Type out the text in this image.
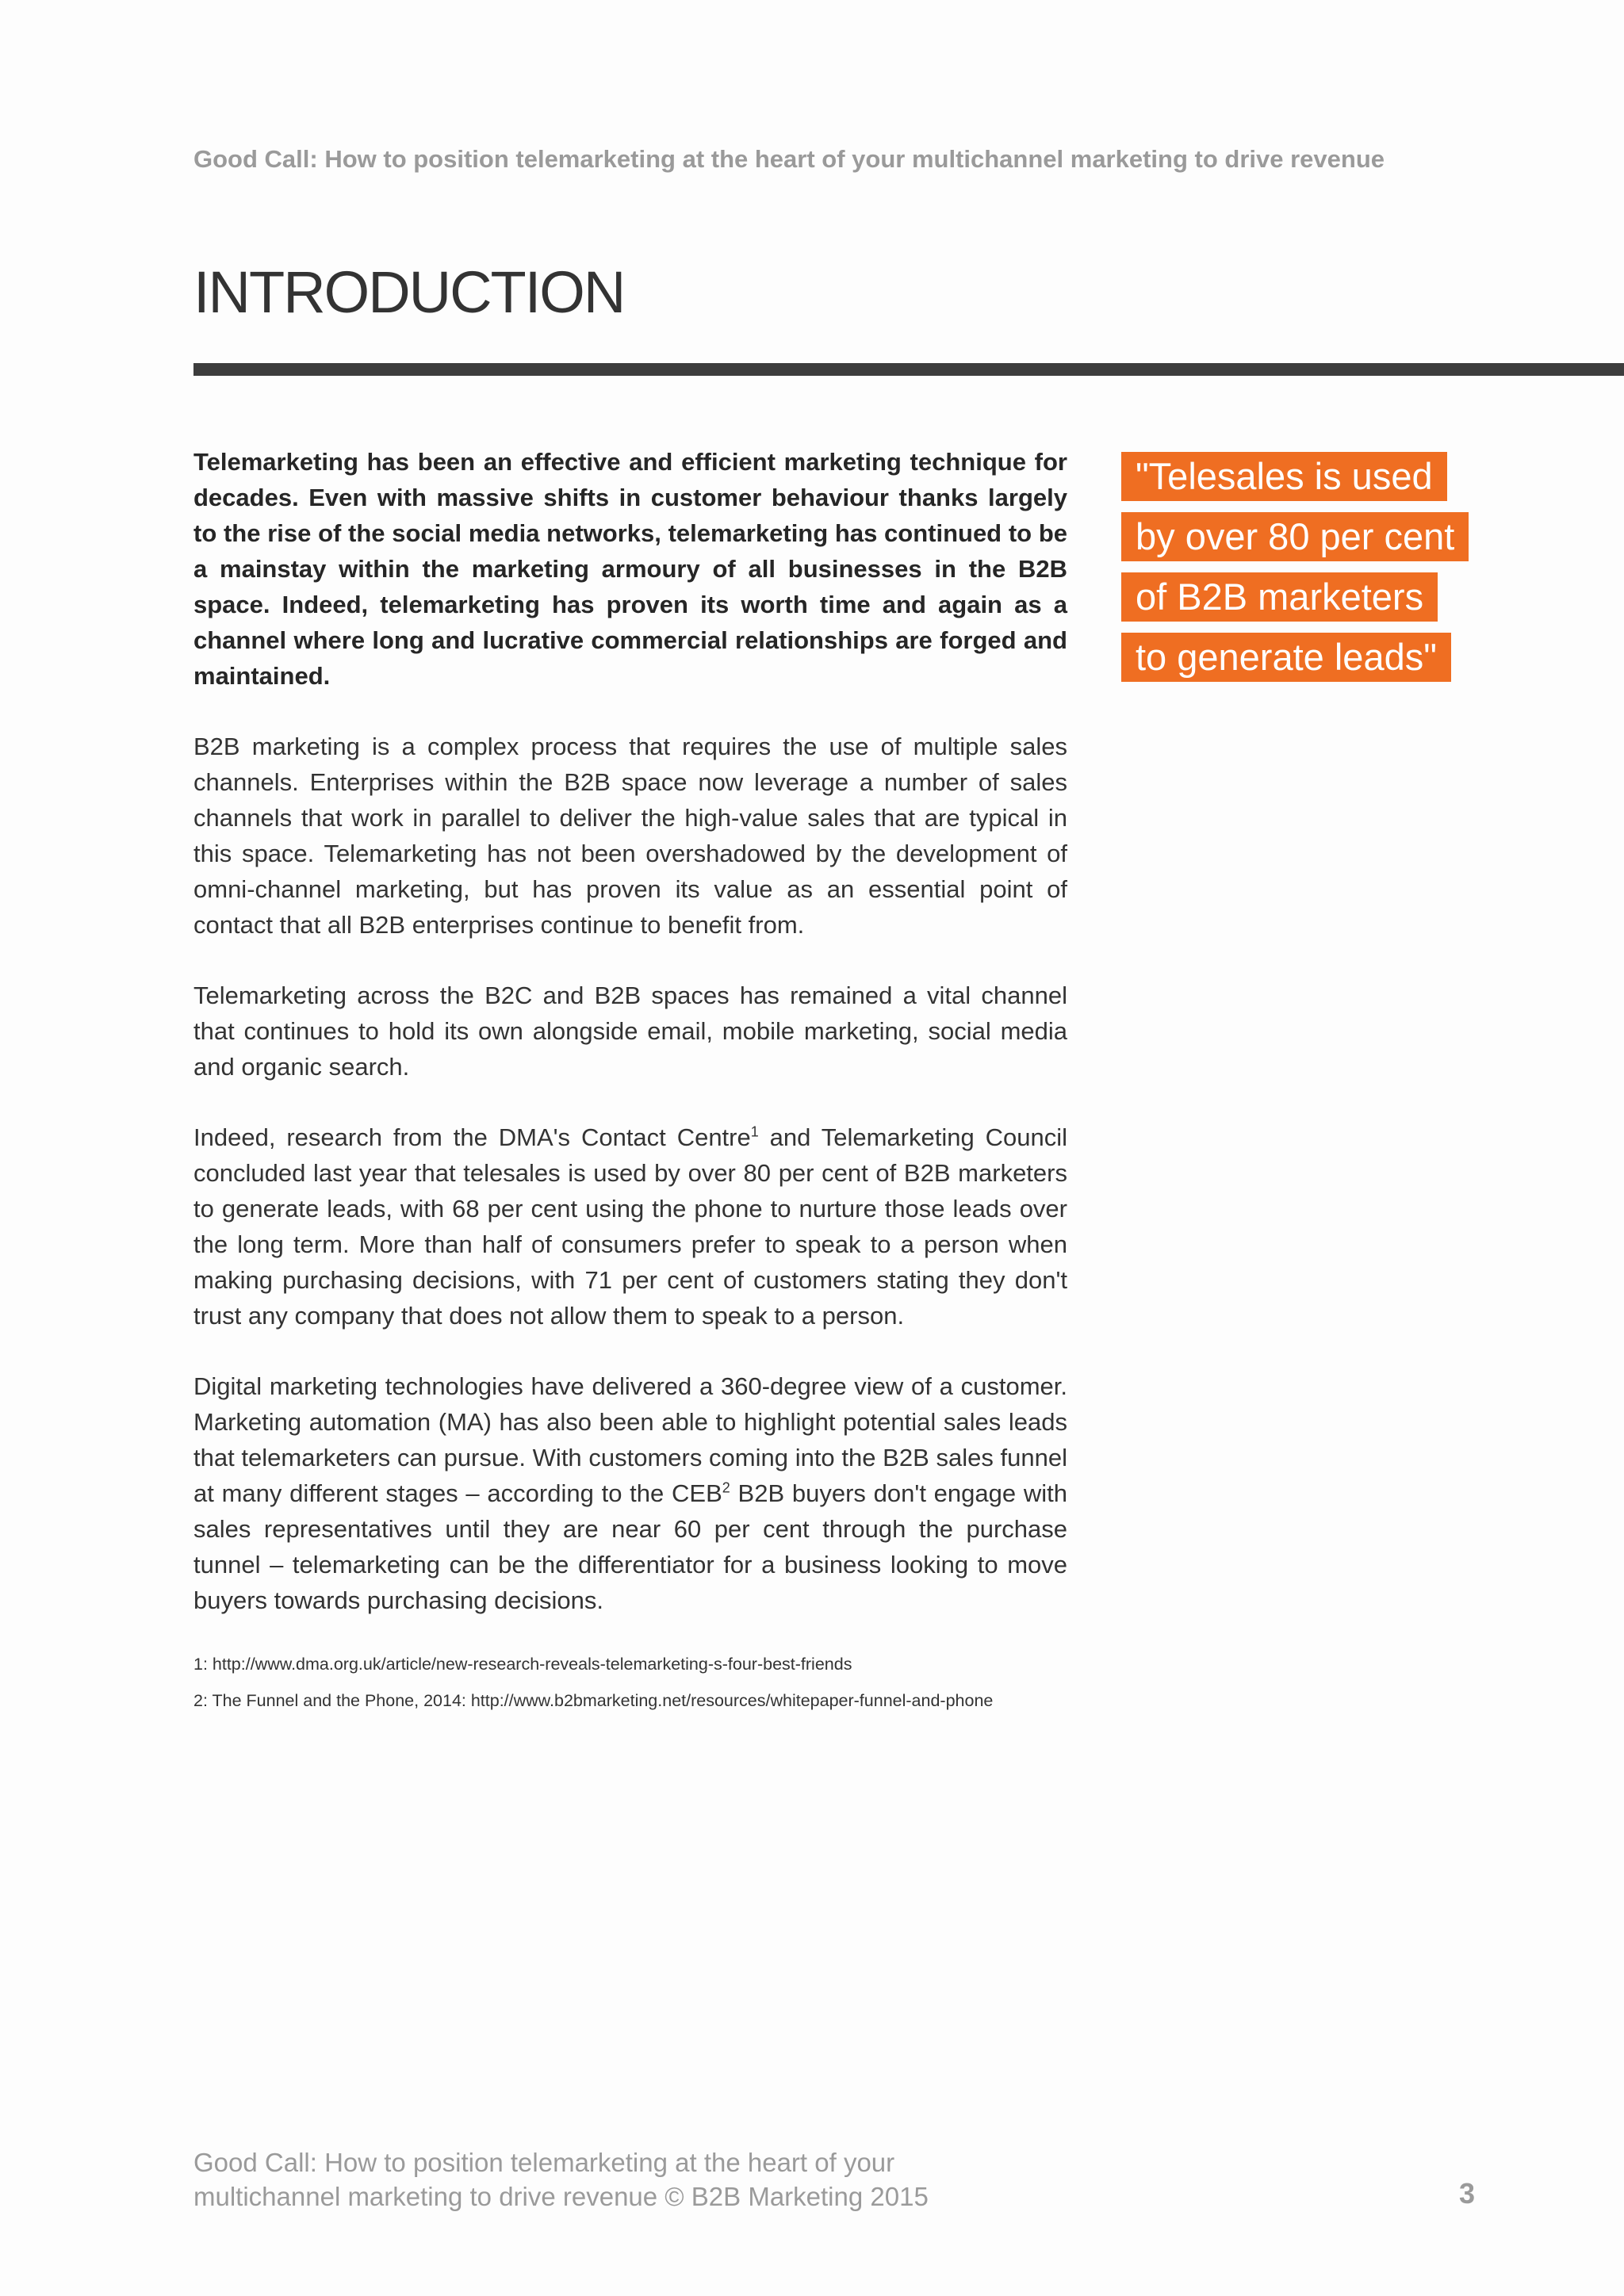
Good Call: How to position telemarketing at the heart of your multichannel marketing to drive revenue
INTRODUCTION

Telemarketing has been an effective and efficient marketing technique for decades. Even with massive shifts in customer behaviour thanks largely to the rise of the social media networks, telemarketing has continued to be a mainstay within the marketing armoury of all businesses in the B2B space. Indeed, telemarketing has proven its worth time and again as a channel where long and lucrative commercial relationships are forged and maintained.

B2B marketing is a complex process that requires the use of multiple sales channels. Enterprises within the B2B space now leverage a number of sales channels that work in parallel to deliver the high-value sales that are typical in this space. Telemarketing has not been overshadowed by the development of omni-channel marketing, but has proven its value as an essential point of contact that all B2B enterprises continue to benefit from.

Telemarketing across the B2C and B2B spaces has remained a vital channel that continues to hold its own alongside email, mobile marketing, social media and organic search.

Indeed, research from the DMA's Contact Centre$^1$ and Telemarketing Council concluded last year that telesales is used by over 80 per cent of B2B marketers to generate leads, with 68 per cent using the phone to nurture those leads over the long term. More than half of consumers prefer to speak to a person when making purchasing decisions, with 71 per cent of customers stating they don't trust any company that does not allow them to speak to a person.

Digital marketing technologies have delivered a 360-degree view of a customer. Marketing automation (MA) has also been able to highlight potential sales leads that telemarketers can pursue. With customers coming into the B2B sales funnel at many different stages – according to the CEB$^2$ B2B buyers don't engage with sales representatives until they are near 60 per cent through the purchase tunnel – telemarketing can be the differentiator for a business looking to move buyers towards purchasing decisions.

1: http://www.dma.org.uk/article/new-research-reveals-telemarketing-s-four-best-friends

2: The Funnel and the Phone, 2014: http://www.b2bmarketing.net/resources/whitepaper-funnel-and-phone

"Telesales is used
by over 80 per cent
of B2B marketers
to generate leads"
Good Call: How to position telemarketing at the heart of your
multichannel marketing to drive revenue © B2B Marketing 2015	3
